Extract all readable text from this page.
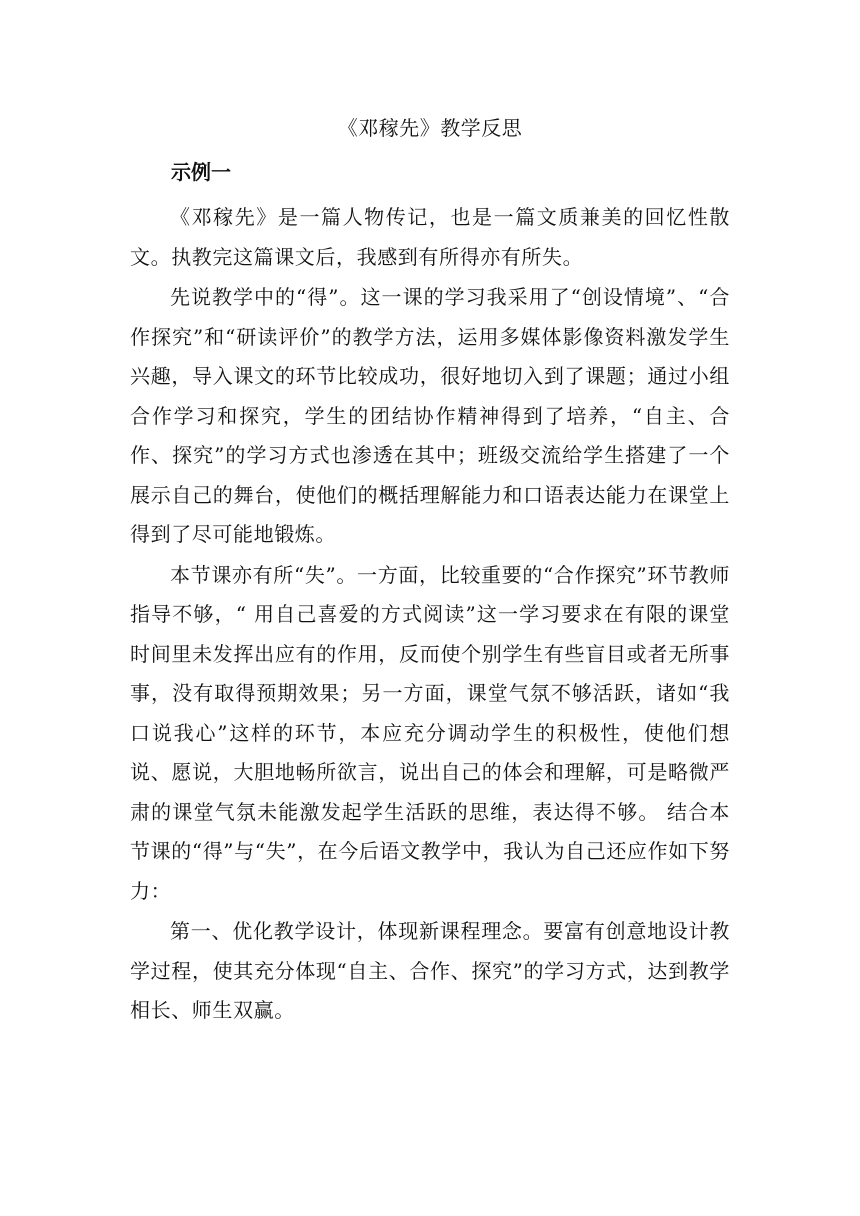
《邓稼先》教学反思
示例一

《邓稼先》是一篇人物传记，也是一篇文质兼美的回忆性散文。执教完这篇课文后，我感到有所得亦有所失。

先说教学中的“得”。这一课的学习我采用了“创设情境”、“合作探究”和“研读评价”的教学方法，运用多媒体影像资料激发学生兴趣，导入课文的环节比较成功，很好地切入到了课题；通过小组合作学习和探究，学生的团结协作精神得到了培养，“自主、合作、探究”的学习方式也渗透在其中；班级交流给学生搭建了一个展示自己的舞台，使他们的概括理解能力和口语表达能力在课堂上得到了尽可能地锻炼。

本节课亦有所“失”。一方面，比较重要的“合作探究”环节教师指导不够，“ 用自己喜爱的方式阅读”这一学习要求在有限的课堂时间里未发挥出应有的作用，反而使个别学生有些盲目或者无所事事，没有取得预期效果；另一方面，课堂气氛不够活跃，诸如“我口说我心”这样的环节，本应充分调动学生的积极性，使他们想说、愿说，大胆地畅所欲言，说出自己的体会和理解，可是略微严肃的课堂气氛未能激发起学生活跃的思维，表达得不够。 结合本节课的“得”与“失”，在今后语文教学中，我认为自己还应作如下努力：

第一、优化教学设计，体现新课程理念。要富有创意地设计教学过程，使其充分体现“自主、合作、探究”的学习方式，达到教学相长、师生双赢。
